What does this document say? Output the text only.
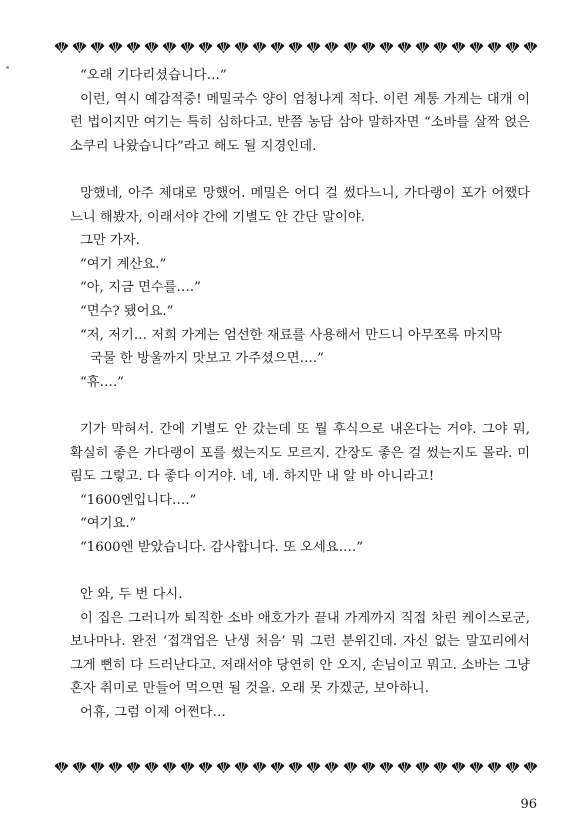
“오래 기다리셨습니다…”

이런, 역시 예감적중! 메밀국수 양이 엄청나게 적다. 이런 계통 가게는 대개 이런 법이지만 여기는 특히 심하다고. 반쯤 농담 삼아 말하자면 “소바를 살짝 얹은 소쿠리 나왔습니다”라고 해도 될 지경인데.

망했네, 아주 제대로 망했어. 메밀은 어디 걸 썼다느니, 가다랭이 포가 어쨌다느니 해봤자, 이래서야 간에 기별도 안 간단 말이야.

그만 가자.

“여기 계산요.”

“아, 지금 면수를….”

“면수? 됐어요.”

“저, 저기… 저희 가게는 엄선한 재료를 사용해서 만드니 아무쪼록 마지막

국물 한 방울까지 맛보고 가주셨으면….”

“휴….”

기가 막혀서. 간에 기별도 안 갔는데 또 뭘 후식으로 내온다는 거야. 그야 뭐, 확실히 좋은 가다랭이 포를 썼는지도 모르지. 간장도 좋은 걸 썼는지도 몰라. 미림도 그렇고. 다 좋다 이거야. 네, 네. 하지만 내 알 바 아니라고!

“1600엔입니다….”

“여기요.”

“1600엔 받았습니다. 감사합니다. 또 오세요….”

안 와, 두 번 다시.

이 집은 그러니까 퇴직한 소바 애호가가 끝내 가게까지 직접 차린 케이스로군, 보나마나. 완전 ‘접객업은 난생 처음’ 뭐 그런 분위긴데. 자신 없는 말꼬리에서 그게 뻔히 다 드러난다고. 저래서야 당연히 안 오지, 손님이고 뭐고. 소바는 그냥 혼자 취미로 만들어 먹으면 될 것을. 오래 못 가겠군, 보아하니.

어휴, 그럼 이제 어쩐다…

96
